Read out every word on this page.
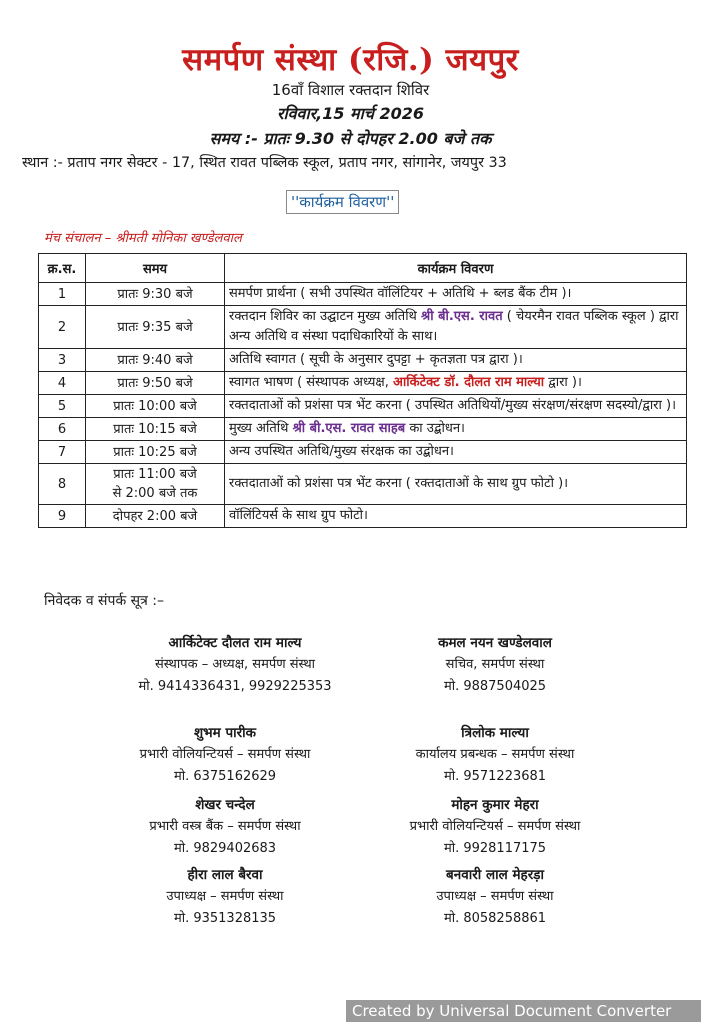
समर्पण संस्था (रजि.) जयपुर
16वाँ विशाल रक्तदान शिविर
रविवार,15 मार्च 2026
समय :- प्रातः 9.30 से दोपहर 2.00 बजे तक
स्थान :- प्रताप नगर सेक्टर - 17, स्थित रावत पब्लिक स्कूल, प्रताप नगर, सांगानेर, जयपुर 33
''कार्यक्रम विवरण''
मंच संचालन – श्रीमती मोनिका खण्डेलवाल
क्र.स.	समय	कार्यक्रम विवरण
1	प्रातः 9:30 बजे	समर्पण प्रार्थना ( सभी उपस्थित वॉलिंटियर + अतिथि + ब्लड बैंक टीम )।
2	प्रातः 9:35 बजे	रक्तदान शिविर का उद्घाटन मुख्य अतिथि श्री बी.एस. रावत ( चेयरमैन रावत पब्लिक स्कूल ) द्वारा अन्य अतिथि व संस्था पदाधिकारियों के साथ।
3	प्रातः 9:40 बजे	अतिथि स्वागत ( सूची के अनुसार दुपट्टा + कृतज्ञता पत्र द्वारा )।
4	प्रातः 9:50 बजे	स्वागत भाषण ( संस्थापक अध्यक्ष, आर्किटेक्ट डॉ. दौलत राम माल्या द्वारा )।
5	प्रातः 10:00 बजे	रक्तदाताओं को प्रशंसा पत्र भेंट करना ( उपस्थित अतिथियों/मुख्य संरक्षण/संरक्षण सदस्यो/द्वारा )।
6	प्रातः 10:15 बजे	मुख्य अतिथि श्री बी.एस. रावत साहब का उद्बोधन।
7	प्रातः 10:25 बजे	अन्य उपस्थित अतिथि/मुख्य संरक्षक का उद्बोधन।
8	प्रातः 11:00 बजे
से 2:00 बजे तक	रक्तदाताओं को प्रशंसा पत्र भेंट करना ( रक्तदाताओं के साथ ग्रुप फोटो )।
9	दोपहर 2:00 बजे	वॉलिंटियर्स के साथ ग्रुप फोटो।
निवेदक व संपर्क सूत्र :–
आर्किटेक्ट दौलत राम माल्य
संस्थापक – अध्यक्ष, समर्पण संस्था
मो. 9414336431, 9929225353
कमल नयन खण्डेलवाल
सचिव, समर्पण संस्था
मो. 9887504025
शुभम पारीक
प्रभारी वोलियन्टियर्स – समर्पण संस्था
मो. 6375162629
त्रिलोक माल्या
कार्यालय प्रबन्धक – समर्पण संस्था
मो. 9571223681
शेखर चन्देल
प्रभारी वस्त्र बैंक – समर्पण संस्था
मो. 9829402683
मोहन कुमार मेहरा
प्रभारी वोलियन्टियर्स – समर्पण संस्था
मो. 9928117175
हीरा लाल बैरवा
उपाध्यक्ष – समर्पण संस्था
मो. 9351328135
बनवारी लाल मेहरड़ा
उपाध्यक्ष – समर्पण संस्था
मो. 8058258861
Created by Universal Document Converter
